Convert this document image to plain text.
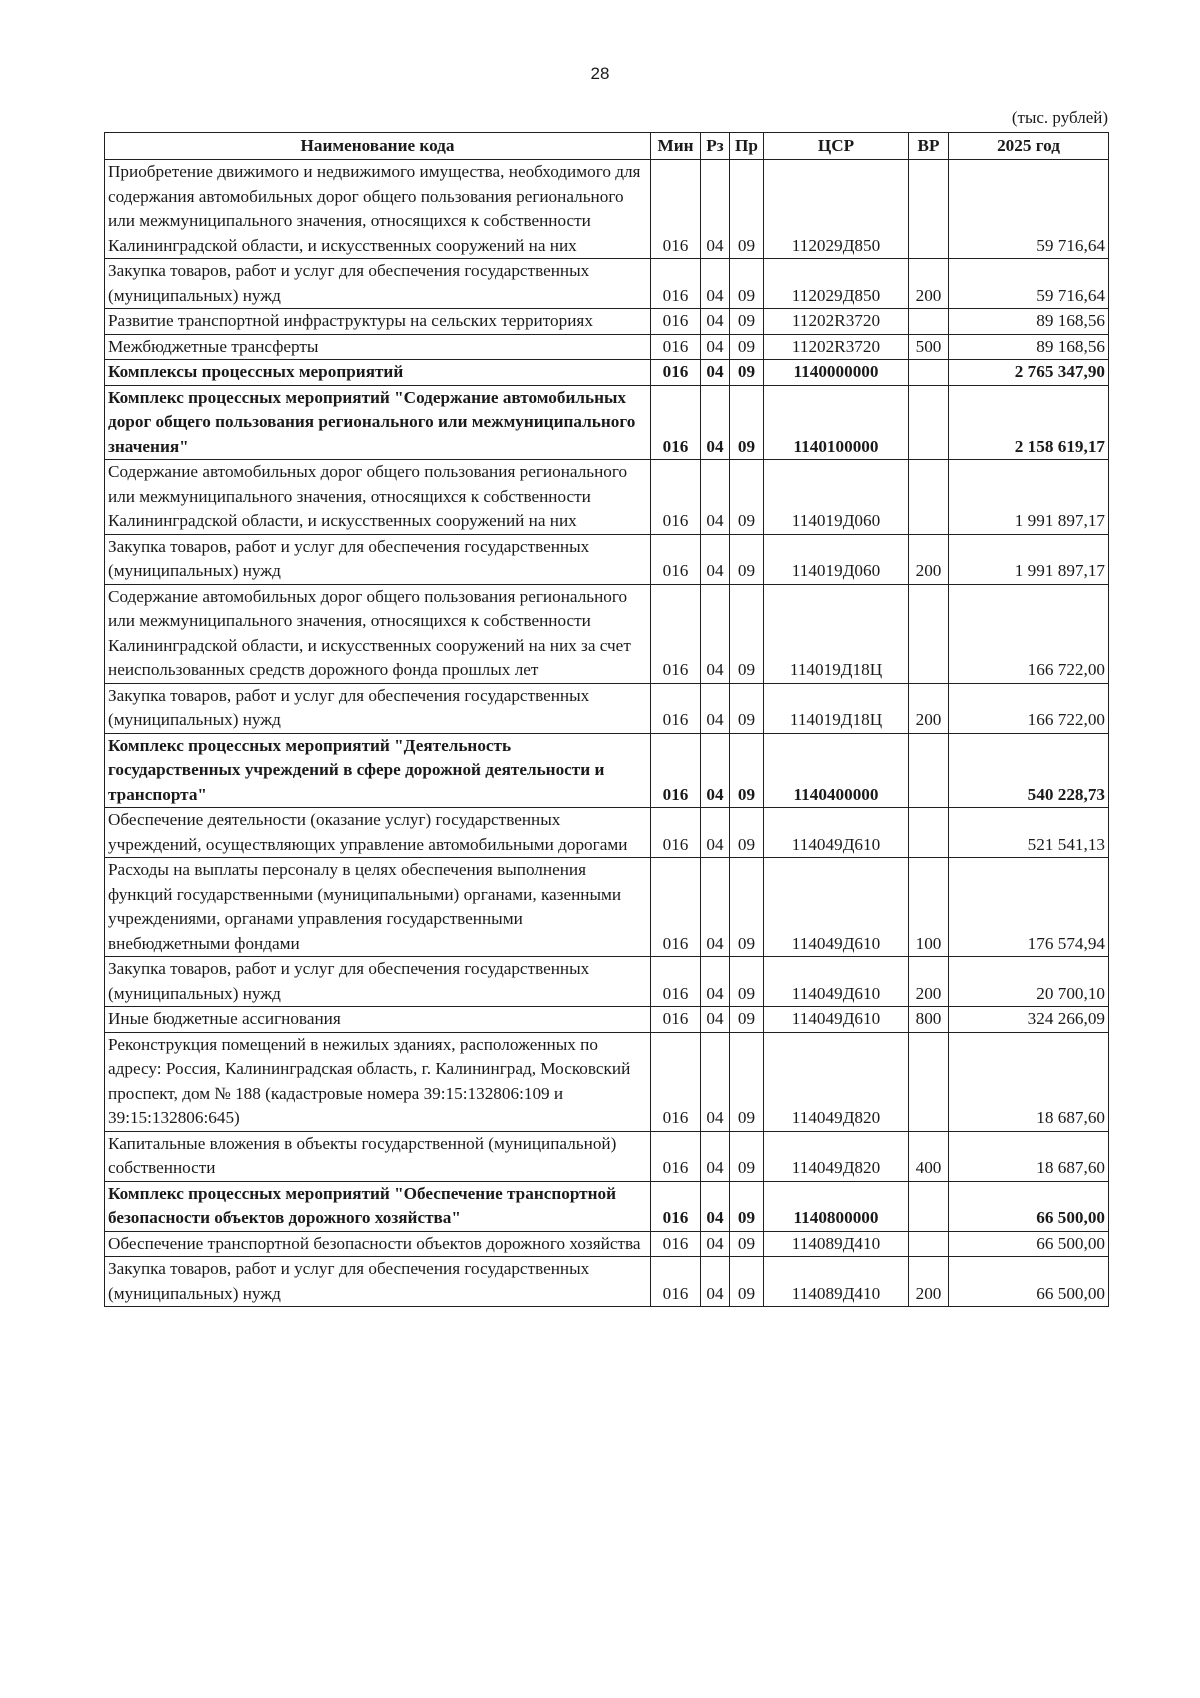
28
(тыс. рублей)
Наименование кода	Мин	Рз	Пр	ЦСР	ВР	2025 год
Приобретение движимого и недвижимого имущества, необходимого для содержания автомобильных дорог общего пользования регионального или межмуниципального значения, относящихся к собственности Калининградской области, и искусственных сооружений на них	016	04	09	112029Д850		59 716,64
Закупка товаров, работ и услуг для обеспечения государственных (муниципальных) нужд	016	04	09	112029Д850	200	59 716,64
Развитие транспортной инфраструктуры на сельских территориях	016	04	09	11202R3720		89 168,56
Межбюджетные трансферты	016	04	09	11202R3720	500	89 168,56
Комплексы процессных мероприятий	016	04	09	1140000000		2 765 347,90
Комплекс процессных мероприятий "Содержание автомобильных дорог общего пользования регионального или межмуниципального значения"	016	04	09	1140100000		2 158 619,17
Содержание автомобильных дорог общего пользования регионального или межмуниципального значения, относящихся к собственности Калининградской области, и искусственных сооружений на них	016	04	09	114019Д060		1 991 897,17
Закупка товаров, работ и услуг для обеспечения государственных (муниципальных) нужд	016	04	09	114019Д060	200	1 991 897,17
Содержание автомобильных дорог общего пользования регионального или межмуниципального значения, относящихся к собственности Калининградской области, и искусственных сооружений на них за счет неиспользованных средств дорожного фонда прошлых лет	016	04	09	114019Д18Ц		166 722,00
Закупка товаров, работ и услуг для обеспечения государственных (муниципальных) нужд	016	04	09	114019Д18Ц	200	166 722,00
Комплекс процессных мероприятий "Деятельность государственных учреждений в сфере дорожной деятельности и транспорта"	016	04	09	1140400000		540 228,73
Обеспечение деятельности (оказание услуг) государственных учреждений, осуществляющих управление автомобильными дорогами	016	04	09	114049Д610		521 541,13
Расходы на выплаты персоналу в целях обеспечения выполнения функций государственными (муниципальными) органами, казенными учреждениями, органами управления государственными внебюджетными фондами	016	04	09	114049Д610	100	176 574,94
Закупка товаров, работ и услуг для обеспечения государственных (муниципальных) нужд	016	04	09	114049Д610	200	20 700,10
Иные бюджетные ассигнования	016	04	09	114049Д610	800	324 266,09
Реконструкция помещений в нежилых зданиях, расположенных по адресу: Россия, Калининградская область, г. Калининград, Московский проспект, дом № 188 (кадастровые номера 39:15:132806:109 и 39:15:132806:645)	016	04	09	114049Д820		18 687,60
Капитальные вложения в объекты государственной (муниципальной) собственности	016	04	09	114049Д820	400	18 687,60
Комплекс процессных мероприятий "Обеспечение транспортной безопасности объектов дорожного хозяйства"	016	04	09	1140800000		66 500,00
Обеспечение транспортной безопасности объектов дорожного хозяйства	016	04	09	114089Д410		66 500,00
Закупка товаров, работ и услуг для обеспечения государственных (муниципальных) нужд	016	04	09	114089Д410	200	66 500,00
